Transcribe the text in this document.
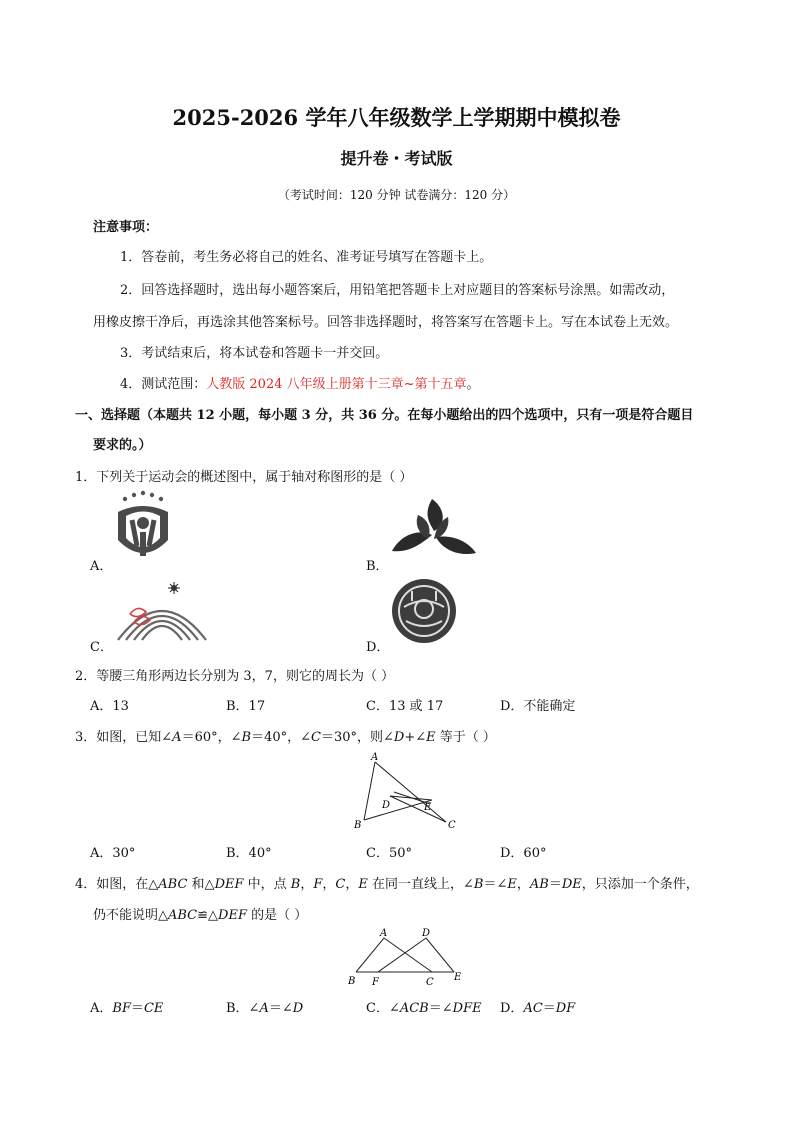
2025-2026 学年八年级数学上学期期中模拟卷
提升卷・考试版
（考试时间：120 分钟 试卷满分：120 分）
注意事项：
1．答卷前，考生务必将自己的姓名、准考证号填写在答题卡上。
2．回答选择题时，选出每小题答案后，用铅笔把答题卡上对应题目的答案标号涂黑。如需改动，
用橡皮擦干净后，再选涂其他答案标号。回答非选择题时，将答案写在答题卡上。写在本试卷上无效。
3．考试结束后，将本试卷和答题卡一并交回。
4．测试范围：人教版 2024 八年级上册第十三章~第十五章。
一、选择题（本题共 12 小题，每小题 3 分，共 36 分。在每小题给出的四个选项中，只有一项是符合题目
要求的。）
1．下列关于运动会的概述图中，属于轴对称图形的是（ ）
A．	B．
C．	D．
2．等腰三角形两边长分别为 3，7，则它的周长为（ ）
A．13	B．17	C．13 或 17	D．不能确定
3．如图，已知∠A＝60°，∠B＝40°，∠C＝30°，则∠D+∠E 等于（ ）
A
B	C
D	E
A．30°	B．40°	C．50°	D．60°
4．如图，在△ABC 和△DEF 中，点 B，F，C，E 在同一直线上，∠B＝∠E，AB＝DE，只添加一个条件，
仍不能说明△ABC≌△DEF 的是（ ）
A
B F	C
D
E
A．BF＝CE	B．∠A＝∠D	C．∠ACB＝∠DFE D．AC＝DF
